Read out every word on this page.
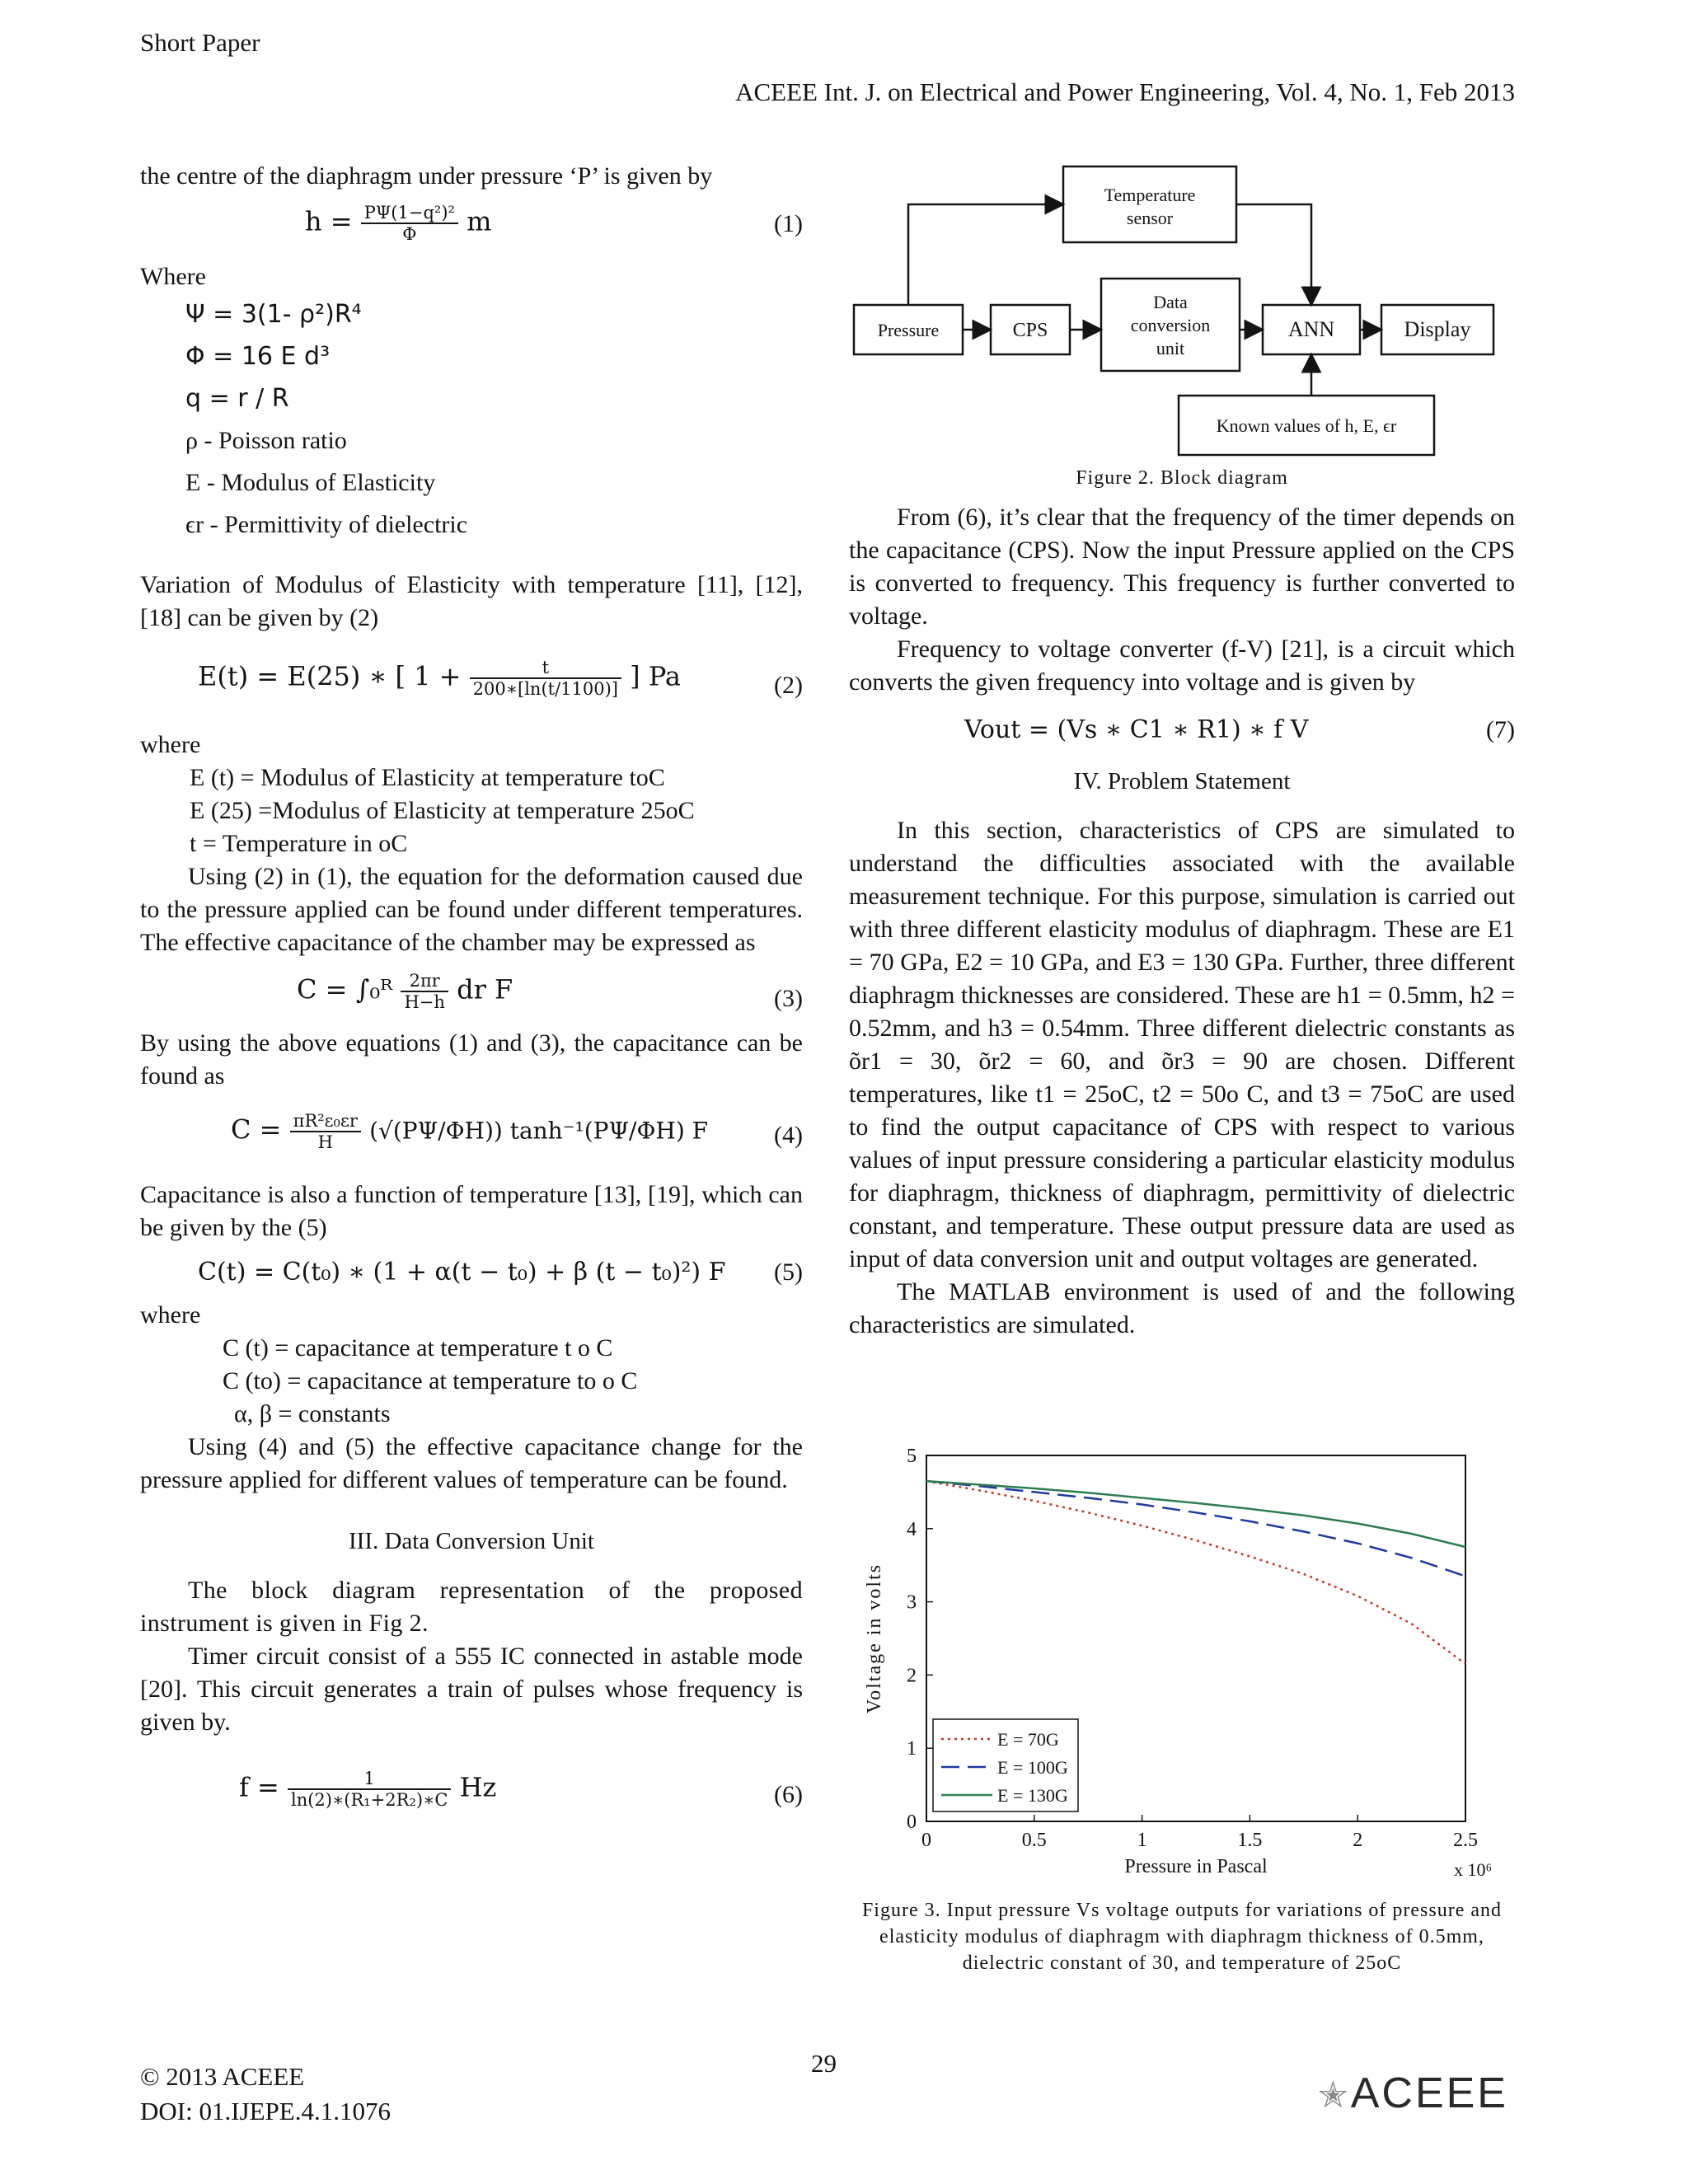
Short Paper
ACEEE Int. J. on Electrical and Power Engineering, Vol. 4, No. 1, Feb 2013

the centre of the diaphragm under pressure ‘P’ is given by

$h = \frac{\text{PΨ(1−q²)²}}{\Phi}$ m	(1)

Where

Ψ = 3(1- ρ²)R⁴
Φ = 16 E d³
q = r / R
ρ - Poisson ratio
E - Modulus of Elasticity
ϵr - Permittivity of dielectric

Variation of Modulus of Elasticity with temperature [11], [12], [18] can be given by (2)

E(t) = E(25) ∗ [ $1 + \frac{t}{200∗[\ln(t/1100)]}$ ] Pa	(2)

where

E (t) = Modulus of Elasticity at temperature toC
E (25) =Modulus of Elasticity at temperature 25oC
t = Temperature in oC

Using (2) in (1), the equation for the deformation caused due to the pressure applied can be found under different temperatures. The effective capacitance of the chamber may be expressed as

C = ∫₀ᴿ $\frac{2\pi r}{H-h}$ dr F	(3)

By using the above equations (1) and (3), the capacitance can be found as

$C = \frac{\text{πR²ε₀εr}}{H} (√(P\Psi/\Phi H))$ tanh⁻¹(PΨ/ΦH) F	(4)

Capacitance is also a function of temperature [13], [19], which can be given by the (5)

C(t) = C(t₀) ∗ (1 + α(t − t₀) + β (t − t₀)²) F (5)

where

C (t) = capacitance at temperature t o C
C (to) = capacitance at temperature to o C
α, β = constants

Using (4) and (5) the effective capacitance change for the pressure applied for different values of temperature can be found.

III. Data Conversion Unit

The block diagram representation of the proposed instrument is given in Fig 2.

Timer circuit consist of a 555 IC connected in astable mode [20]. This circuit generates a train of pulses whose frequency is given by.

$f = \frac{1}{\text{ln(2)∗(R₁+2R₂)∗C}}$ Hz	(6)
Temperature sensor
Pressure	CPS
Data conversion unit
ANN	Display
Known values of h, E, ϵr
Figure 2. Block diagram

From (6), it’s clear that the frequency of the timer depends on the capacitance (CPS). Now the input Pressure applied on the CPS is converted to frequency. This frequency is further converted to voltage.

Frequency to voltage converter (f-V) [21], is a circuit which converts the given frequency into voltage and is given by

Vout = (Vs ∗ C1 ∗ R1) ∗ f V	(7)
IV. Problem Statement

In this section, characteristics of CPS are simulated to understand the difficulties associated with the available measurement technique. For this purpose, simulation is carried out with three different elasticity modulus of diaphragm. These are E1 = 70 GPa, E2 = 10 GPa, and E3 = 130 GPa. Further, three different diaphragm thicknesses are considered. These are h1 = 0.5mm, h2 = 0.52mm, and h3 = 0.54mm. Three different dielectric constants as õr1 = 30, õr2 = 60, and õr3 = 90 are chosen. Different temperatures, like t1 = 25oC, t2 = 50o C, and t3 = 75oC are used to find the output capacitance of CPS with respect to various values of input pressure considering a particular elasticity modulus for diaphragm, thickness of diaphragm, permittivity of dielectric constant, and temperature. These output pressure data are used as input of data conversion unit and output voltages are generated.

The MATLAB environment is used of and the following characteristics are simulated.

0	0.5	1	1.5	2	2.5
0
1
2
3
4
5
Pressure in Pascal	x 10⁶
Voltage in volts
E = 70G
E = 100G
E = 130G
Figure 3. Input pressure Vs voltage outputs for variations of pressure and elasticity modulus of diaphragm with diaphragm thickness of 0.5mm, dielectric constant of 30, and temperature of 25oC
© 2013 ACEEE
DOI: 01.IJEPE.4.1.1076
29
✭ACEEE
